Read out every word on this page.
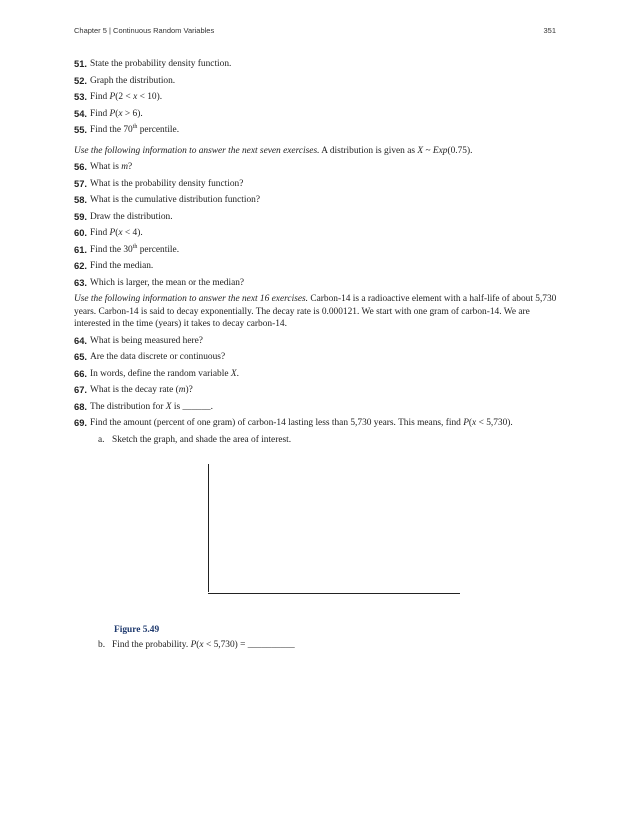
Chapter 5 | Continuous Random Variables	351
51. State the probability density function.
52. Graph the distribution.
53. Find P(2 < x < 10).
54. Find P(x > 6).
55. Find the 70th percentile.

Use the following information to answer the next seven exercises. A distribution is given as X ~ Exp(0.75).

56. What is m?
57. What is the probability density function?
58. What is the cumulative distribution function?
59. Draw the distribution.
60. Find P(x < 4).
61. Find the 30th percentile.
62. Find the median.
63. Which is larger, the mean or the median?

Use the following information to answer the next 16 exercises. Carbon-14 is a radioactive element with a half-life of about 5,730 years. Carbon-14 is said to decay exponentially. The decay rate is 0.000121. We start with one gram of carbon-14. We are interested in the time (years) it takes to decay carbon-14.

64. What is being measured here?
65. Are the data discrete or continuous?
66. In words, define the random variable X.
67. What is the decay rate (m)?
68. The distribution for X is ______.
69. Find the amount (percent of one gram) of carbon-14 lasting less than 5,730 years. This means, find P(x < 5,730).
a. Sketch the graph, and shade the area of interest.
Figure 5.49
b. Find the probability. P(x < 5,730) = __________
